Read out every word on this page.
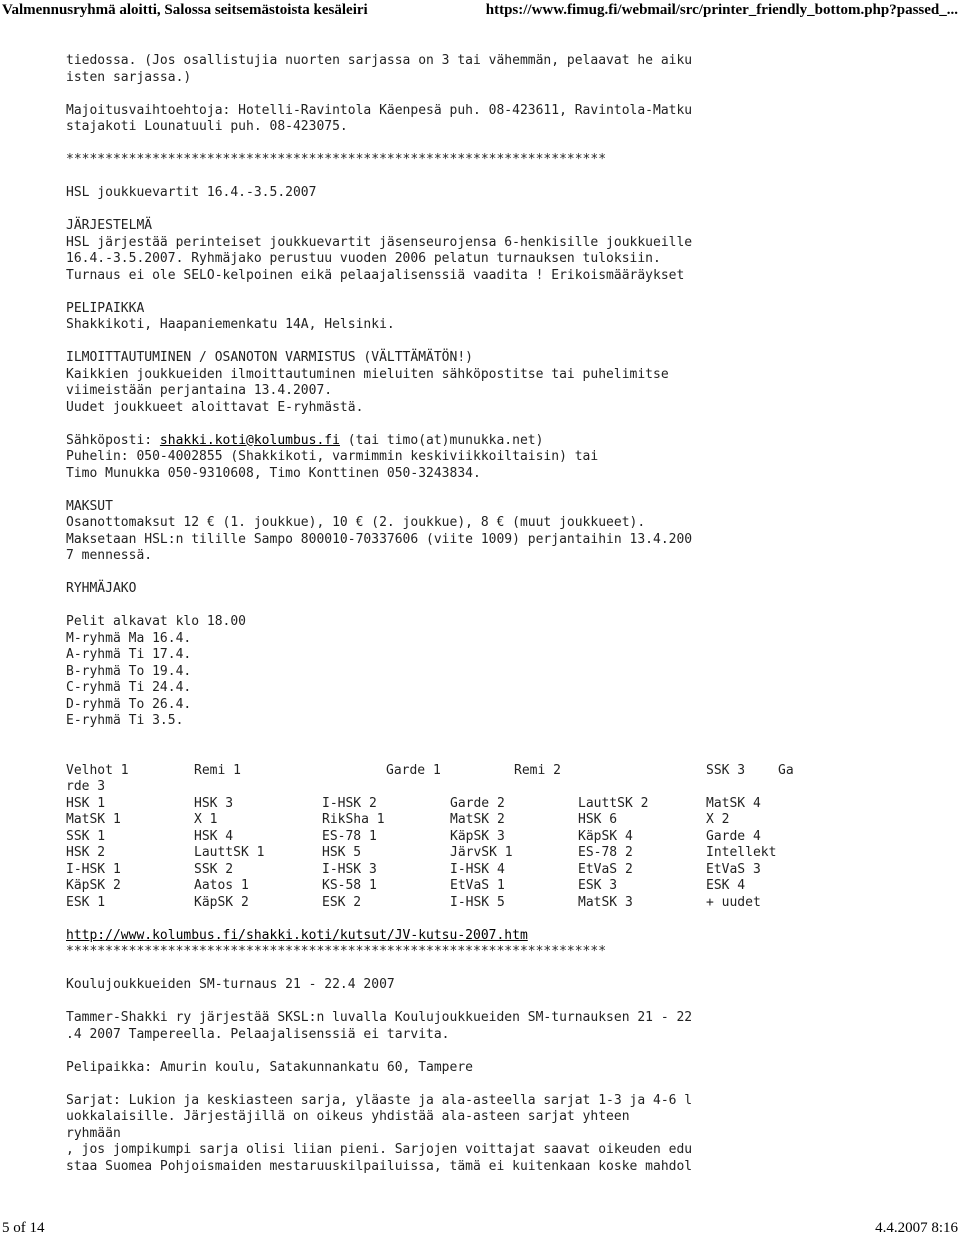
Valmennusryhmä aloitti, Salossa seitsemästoista kesäleiri	https://www.fimug.fi/webmail/src/printer_friendly_bottom.php?passed_...
tiedossa. (Jos osallistujia nuorten sarjassa on 3 tai vähemmän, pelaavat he aiku
isten sarjassa.)
Majoitusvaihtoehtoja: Hotelli-Ravintola Käenpesä puh. 08-423611, Ravintola-Matku
stajakoti Lounatuuli puh. 08-423075.
*********************************************************************
HSL joukkuevartit 16.4.-3.5.2007
JÄRJESTELMÄ
HSL järjestää perinteiset joukkuevartit jäsenseurojensa 6-henkisille joukkueille
16.4.-3.5.2007. Ryhmäjako perustuu vuoden 2006 pelatun turnauksen tuloksiin.
Turnaus ei ole SELO-kelpoinen eikä pelaajalisenssiä vaadita ! Erikoismääräykset
PELIPAIKKA
Shakkikoti, Haapaniemenkatu 14A, Helsinki.
ILMOITTAUTUMINEN / OSANOTON VARMISTUS (VÄLTTÄMÄTÖN!)
Kaikkien joukkueiden ilmoittautuminen mieluiten sähköpostitse tai puhelimitse
viimeistään perjantaina 13.4.2007.
Uudet joukkueet aloittavat E-ryhmästä.
Sähköposti: shakki.koti@kolumbus.fi (tai timo(at)munukka.net)
Puhelin: 050-4002855 (Shakkikoti, varmimmin keskiviikkoiltaisin) tai
Timo Munukka 050-9310608, Timo Konttinen 050-3243834.
MAKSUT
Osanottomaksut 12 € (1. joukkue), 10 € (2. joukkue), 8 € (muut joukkueet).
Maksetaan HSL:n tilille Sampo 800010-70337606 (viite 1009) perjantaihin 13.4.200
7 mennessä.
RYHMÄJAKO
Pelit alkavat klo 18.00
M-ryhmä Ma 16.4.
A-ryhmä Ti 17.4.
B-ryhmä To 19.4.
C-ryhmä Ti 24.4.
D-ryhmä To 26.4.
E-ryhmä Ti 3.5.
Velhot 1	Remi 1	Garde 1	Remi 2	SSK 3	Ga
rde 3
HSK 1	HSK 3	I-HSK 2	Garde 2	LauttSK 2	MatSK 4
MatSK 1	X 1	RikSha 1	MatSK 2	HSK 6	X 2
SSK 1	HSK 4	ES-78 1	KäpSK 3	KäpSK 4	Garde 4
HSK 2	LauttSK 1	HSK 5	JärvSK 1	ES-78 2	Intellekt
I-HSK 1	SSK 2	I-HSK 3	I-HSK 4	EtVaS 2	EtVaS 3
KäpSK 2	Aatos 1	KS-58 1	EtVaS 1	ESK 3	ESK 4
ESK 1	KäpSK 2	ESK 2	I-HSK 5	MatSK 3	+ uudet
http://www.kolumbus.fi/shakki.koti/kutsut/JV-kutsu-2007.htm
*********************************************************************
Koulujoukkueiden SM-turnaus 21 - 22.4 2007
Tammer-Shakki ry järjestää SKSL:n luvalla Koulujoukkueiden SM-turnauksen 21 - 22
.4 2007 Tampereella. Pelaajalisenssiä ei tarvita.
Pelipaikka: Amurin koulu, Satakunnankatu 60, Tampere
Sarjat: Lukion ja keskiasteen sarja, yläaste ja ala-asteella sarjat 1-3 ja 4-6 l
uokkalaisille. Järjestäjillä on oikeus yhdistää ala-asteen sarjat yhteen
ryhmään
, jos jompikumpi sarja olisi liian pieni. Sarjojen voittajat saavat oikeuden edu
staa Suomea Pohjoismaiden mestaruuskilpailuissa, tämä ei kuitenkaan koske mahdol
5 of 14	4.4.2007 8:16
